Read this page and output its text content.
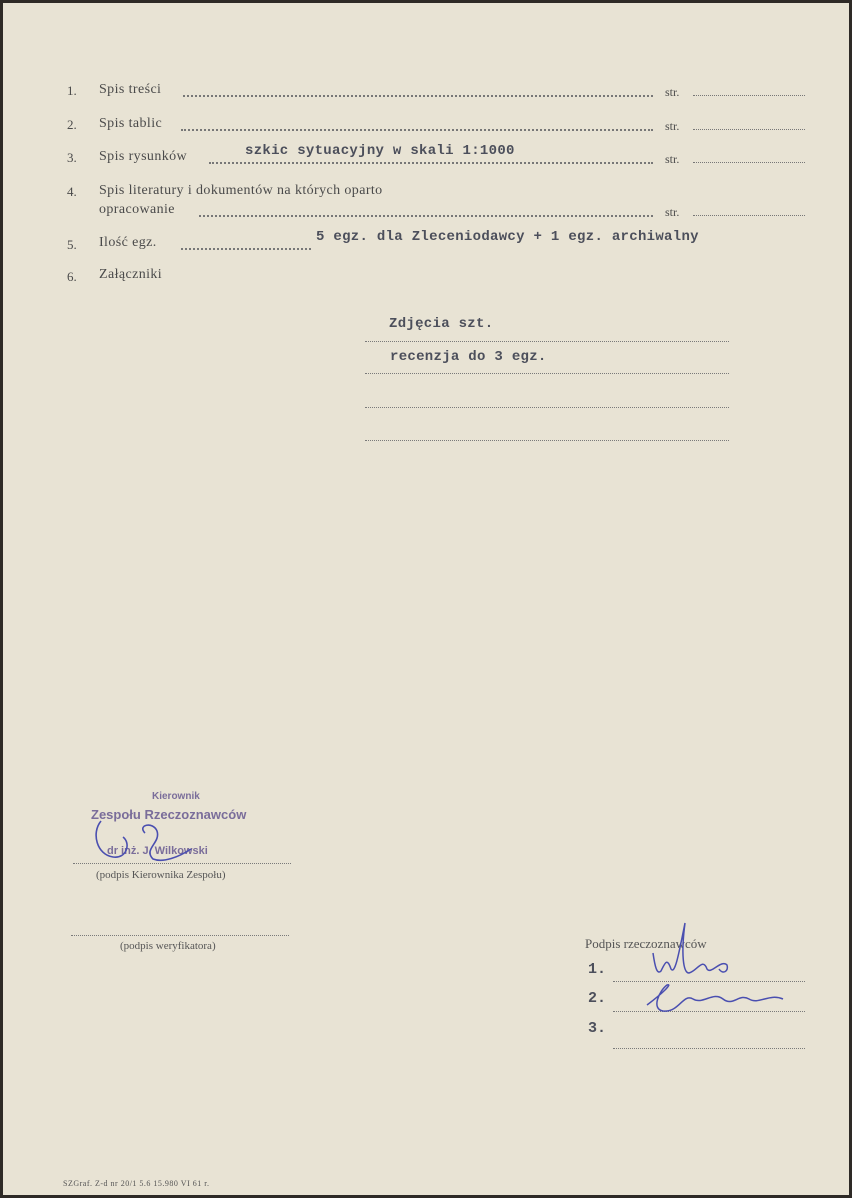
1. Spis treści	str.
2. Spis tablic	str.
3. Spis rysunków	szkic sytuacyjny w skali 1:1000	str.
4. Spis literatury i dokumentów na których oparto
opracowanie	str.
5. Ilość egz.	5 egz. dla Zleceniodawcy + 1 egz. archiwalny
6. Załączniki
Zdjęcia szt.
recenzja do 3 egz.
Kierownik
Zespołu Rzeczoznawców
dr inż. J. Wilkowski
(podpis Kierownika Zespołu)
(podpis weryfikatora)	Podpis rzeczoznawców
1.
2.
3.
SZGraf. Z-d nr 20/1 5.6 15.980 VI 61 r.
